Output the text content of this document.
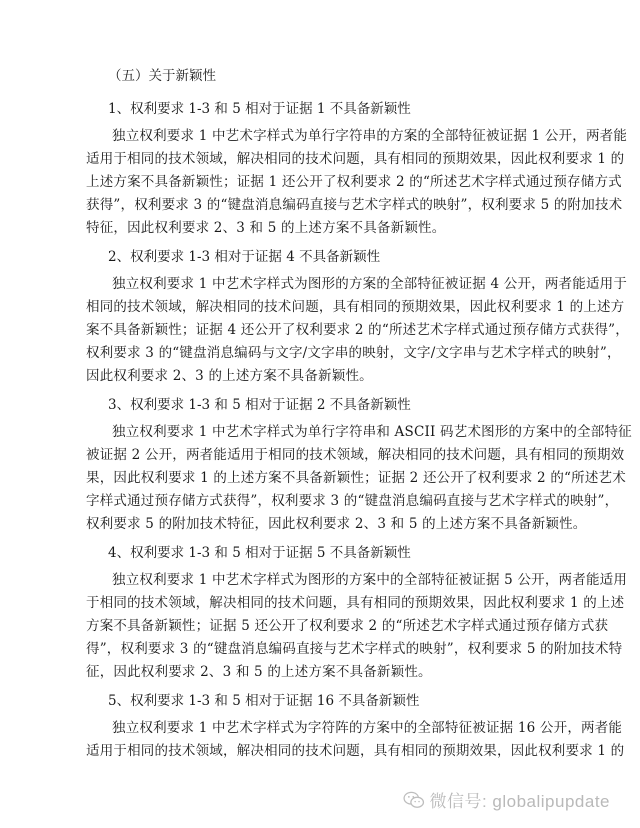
（五）关于新颖性

1、权利要求 1-3 和 5 相对于证据 1 不具备新颖性

独立权利要求 1 中艺术字样式为单行字符串的方案的全部特征被证据 1 公开，两者能
适用于相同的技术领域，解决相同的技术问题，具有相同的预期效果，因此权利要求 1 的
上述方案不具备新颖性；证据 1 还公开了权利要求 2 的“所述艺术字样式通过预存储方式
获得”，权利要求 3 的“键盘消息编码直接与艺术字样式的映射”，权利要求 5 的附加技术
特征，因此权利要求 2、3 和 5 的上述方案不具备新颖性。

2、权利要求 1-3 相对于证据 4 不具备新颖性

独立权利要求 1 中艺术字样式为图形的方案的全部特征被证据 4 公开，两者能适用于
相同的技术领域，解决相同的技术问题，具有相同的预期效果，因此权利要求 1 的上述方
案不具备新颖性；证据 4 还公开了权利要求 2 的“所述艺术字样式通过预存储方式获得”，
权利要求 3 的“键盘消息编码与文字/文字串的映射，文字/文字串与艺术字样式的映射”，
因此权利要求 2、3 的上述方案不具备新颖性。

3、权利要求 1-3 和 5 相对于证据 2 不具备新颖性

独立权利要求 1 中艺术字样式为单行字符串和 ASCII 码艺术图形的方案中的全部特征
被证据 2 公开，两者能适用于相同的技术领域，解决相同的技术问题，具有相同的预期效
果，因此权利要求 1 的上述方案不具备新颖性；证据 2 还公开了权利要求 2 的“所述艺术
字样式通过预存储方式获得”，权利要求 3 的“键盘消息编码直接与艺术字样式的映射”，
权利要求 5 的附加技术特征，因此权利要求 2、3 和 5 的上述方案不具备新颖性。

4、权利要求 1-3 和 5 相对于证据 5 不具备新颖性

独立权利要求 1 中艺术字样式为图形的方案中的全部特征被证据 5 公开，两者能适用
于相同的技术领域，解决相同的技术问题，具有相同的预期效果，因此权利要求 1 的上述
方案不具备新颖性；证据 5 还公开了权利要求 2 的“所述艺术字样式通过预存储方式获
得”，权利要求 3 的“键盘消息编码直接与艺术字样式的映射”，权利要求 5 的附加技术特
征，因此权利要求 2、3 和 5 的上述方案不具备新颖性。

5、权利要求 1-3 和 5 相对于证据 16 不具备新颖性

独立权利要求 1 中艺术字样式为字符阵的方案中的全部特征被证据 16 公开，两者能
适用于相同的技术领域，解决相同的技术问题，具有相同的预期效果，因此权利要求 1 的
微信号: globalipupdate
